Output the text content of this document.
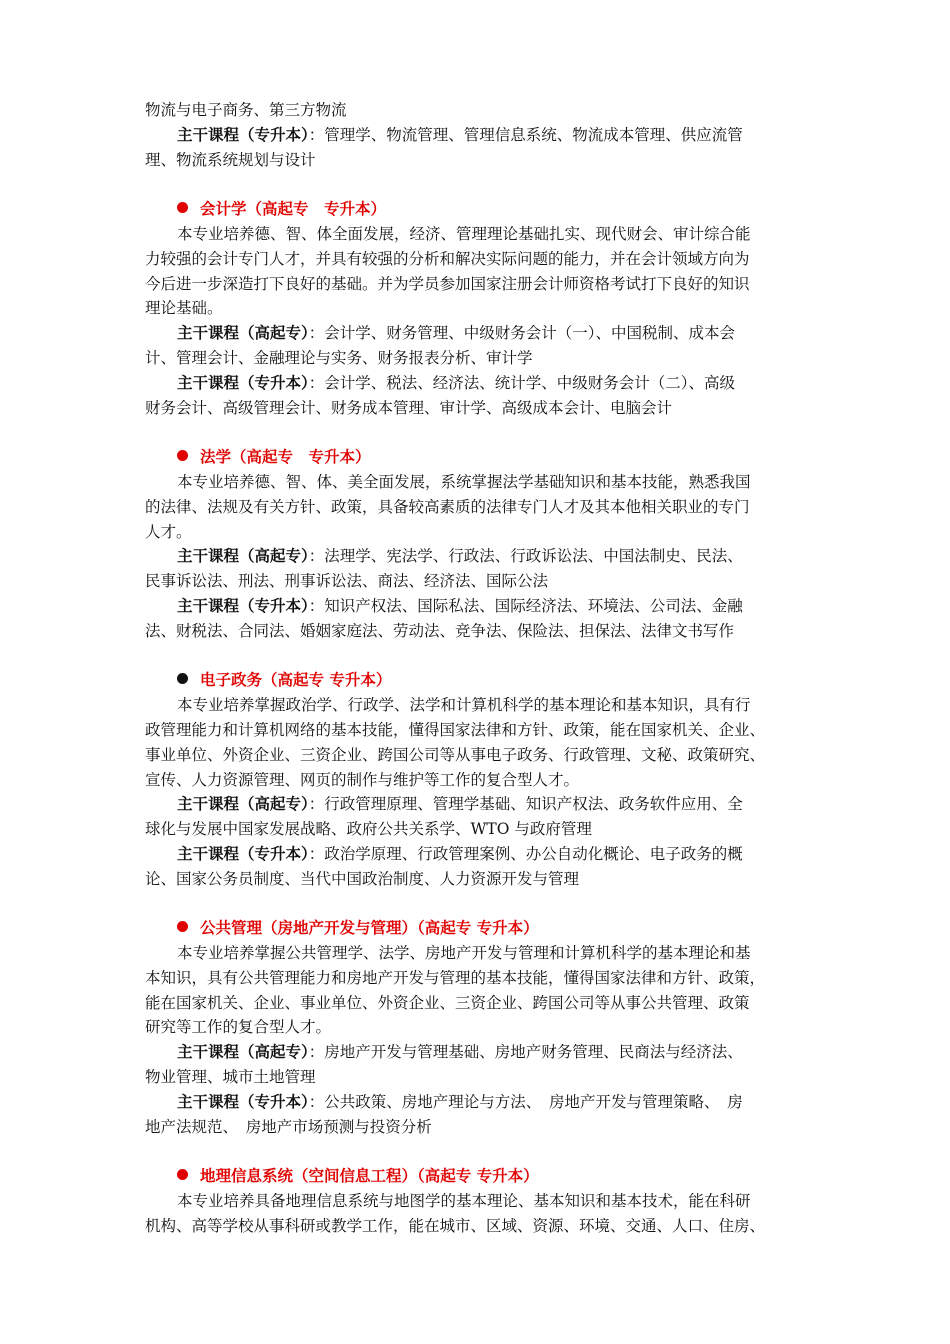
物流与电子商务、第三方物流
主干课程（专升本）：管理学、物流管理、管理信息系统、物流成本管理、供应流管
理、物流系统规划与设计
会计学（高起专　专升本）
本专业培养德、智、体全面发展，经济、管理理论基础扎实、现代财会、审计综合能
力较强的会计专门人才，并具有较强的分析和解决实际问题的能力，并在会计领域方向为
今后进一步深造打下良好的基础。并为学员参加国家注册会计师资格考试打下良好的知识
理论基础。
主干课程（高起专）：会计学、财务管理、中级财务会计（一）、中国税制、成本会
计、管理会计、金融理论与实务、财务报表分析、审计学
主干课程（专升本）：会计学、税法、经济法、统计学、中级财务会计（二）、高级
财务会计、高级管理会计、财务成本管理、审计学、高级成本会计、电脑会计
法学（高起专　专升本）
本专业培养德、智、体、美全面发展，系统掌握法学基础知识和基本技能，熟悉我国
的法律、法规及有关方针、政策，具备较高素质的法律专门人才及其本他相关职业的专门
人才。
主干课程（高起专）：法理学、宪法学、行政法、行政诉讼法、中国法制史、民法、
民事诉讼法、刑法、刑事诉讼法、商法、经济法、国际公法
主干课程（专升本）：知识产权法、国际私法、国际经济法、环境法、公司法、金融
法、财税法、合同法、婚姻家庭法、劳动法、竞争法、保险法、担保法、法律文书写作
电子政务（高起专 专升本）
本专业培养掌握政治学、行政学、法学和计算机科学的基本理论和基本知识，具有行
政管理能力和计算机网络的基本技能，懂得国家法律和方针、政策，能在国家机关、企业、
事业单位、外资企业、三资企业、跨国公司等从事电子政务、行政管理、文秘、政策研究、
宣传、人力资源管理、网页的制作与维护等工作的复合型人才。
主干课程（高起专）：行政管理原理、管理学基础、知识产权法、政务软件应用、全
球化与发展中国家发展战略、政府公共关系学、WTO 与政府管理
主干课程（专升本）：政治学原理、行政管理案例、办公自动化概论、电子政务的概
论、国家公务员制度、当代中国政治制度、人力资源开发与管理
公共管理（房地产开发与管理）（高起专 专升本）
本专业培养掌握公共管理学、法学、房地产开发与管理和计算机科学的基本理论和基
本知识，具有公共管理能力和房地产开发与管理的基本技能，懂得国家法律和方针、政策，
能在国家机关、企业、事业单位、外资企业、三资企业、跨国公司等从事公共管理、政策
研究等工作的复合型人才。
主干课程（高起专）：房地产开发与管理基础、房地产财务管理、民商法与经济法、
物业管理、城市土地管理
主干课程（专升本）：公共政策、房地产理论与方法、　房地产开发与管理策略、　房
地产法规范、　房地产市场预测与投资分析
地理信息系统（空间信息工程）（高起专 专升本）
本专业培养具备地理信息系统与地图学的基本理论、基本知识和基本技术，能在科研
机构、高等学校从事科研或教学工作，能在城市、区域、资源、环境、交通、人口、住房、
